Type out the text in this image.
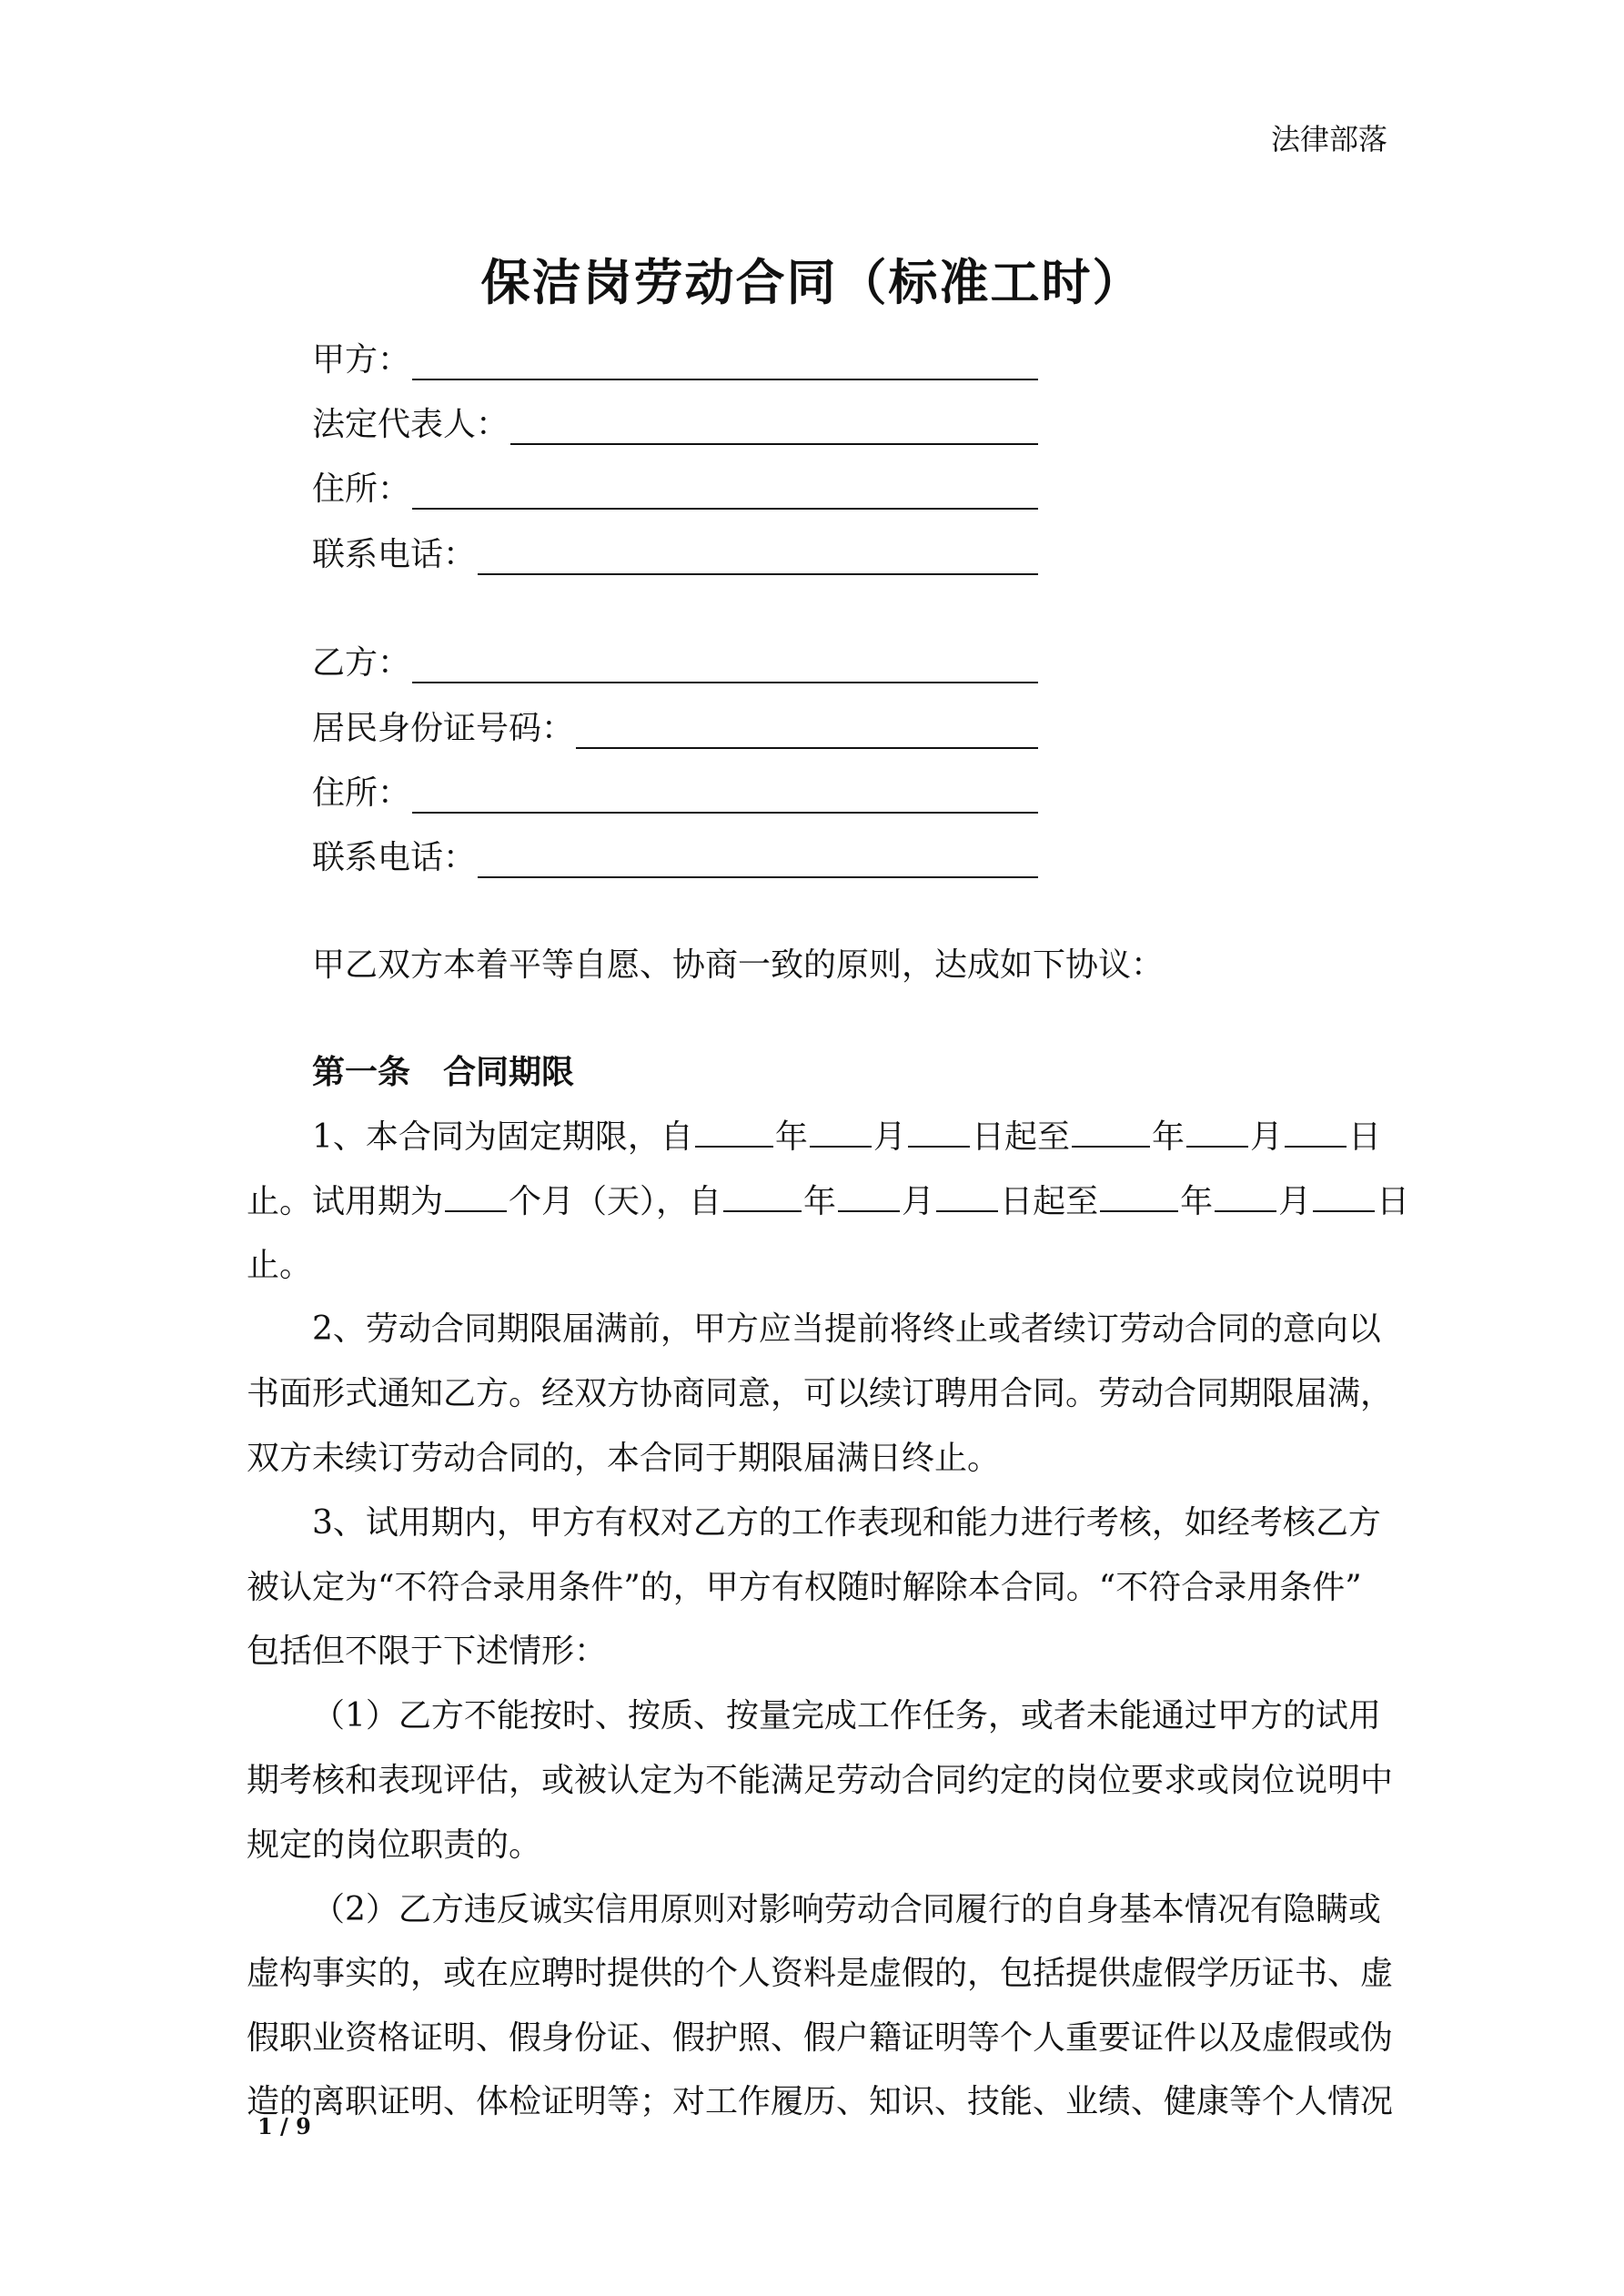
法律部落
保洁岗劳动合同（标准工时）
甲方：
法定代表人：
住所：
联系电话：
乙方：
居民身份证号码：
住所：
联系电话：
甲乙双方本着平等自愿、协商一致的原则，达成如下协议：
第一条　合同期限
1、本合同为固定期限，自	年 月 日起至	年 月 日
止。试用期为 个月（天），自	年 月 日起至	年 月 日
止。
2、劳动合同期限届满前，甲方应当提前将终止或者续订劳动合同的意向以
书面形式通知乙方。经双方协商同意，可以续订聘用合同。劳动合同期限届满，
双方未续订劳动合同的，本合同于期限届满日终止。
3、试用期内，甲方有权对乙方的工作表现和能力进行考核，如经考核乙方
被认定为“不符合录用条件”的，甲方有权随时解除本合同。“不符合录用条件”
包括但不限于下述情形：
（1）乙方不能按时、按质、按量完成工作任务，或者未能通过甲方的试用
期考核和表现评估，或被认定为不能满足劳动合同约定的岗位要求或岗位说明中
规定的岗位职责的。
（2）乙方违反诚实信用原则对影响劳动合同履行的自身基本情况有隐瞒或
虚构事实的，或在应聘时提供的个人资料是虚假的，包括提供虚假学历证书、虚
假职业资格证明、假身份证、假护照、假户籍证明等个人重要证件以及虚假或伪
造的离职证明、体检证明等；对工作履历、知识、技能、业绩、健康等个人情况
1 / 9
